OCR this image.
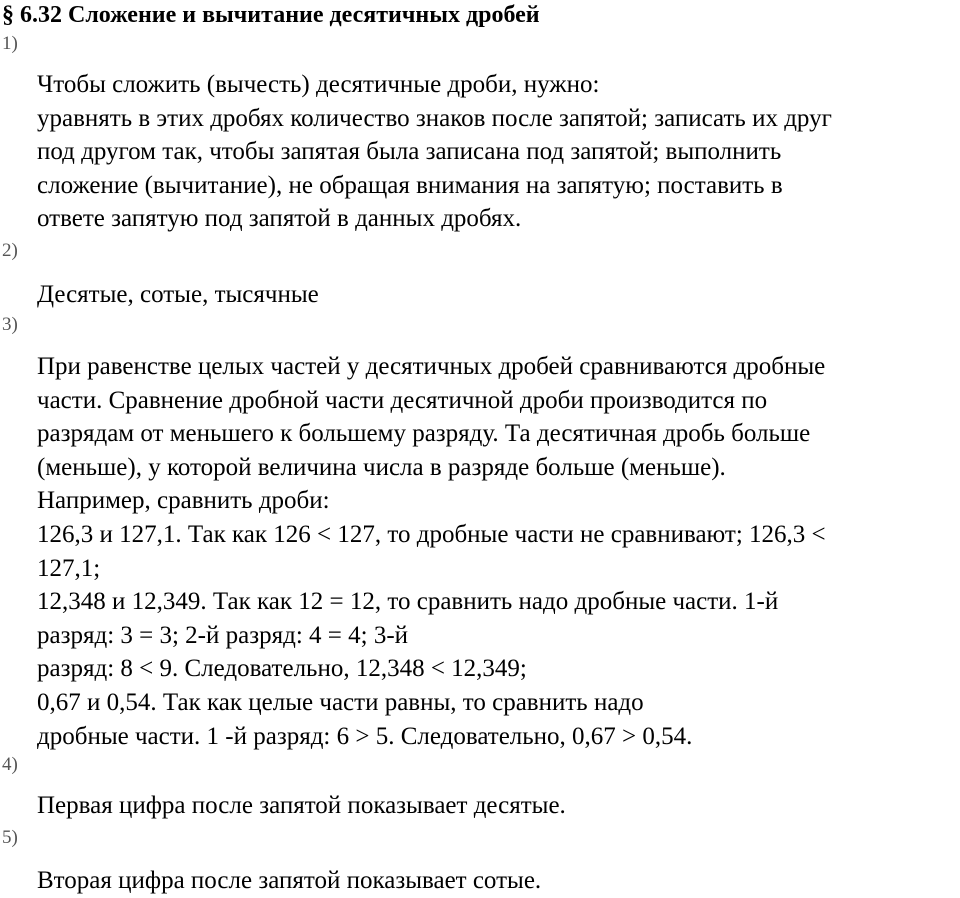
§ 6.32 Сложение и вычитание десятичных дробей
1)
Чтобы сложить (вычесть) десятичные дроби, нужно:
уравнять в этих дробях количество знаков после запятой; записать их друг
под другом так, чтобы запятая была записана под запятой; выполнить
сложение (вычитание), не обращая внимания на запятую; поставить в
ответе запятую под запятой в данных дробях.
2)
Десятые, сотые, тысячные
3)
При равенстве целых частей у десятичных дробей сравниваются дробные
части. Сравнение дробной части десятичной дроби производится по
разрядам от меньшего к большему разряду. Та десятичная дробь больше
(меньше), у которой величина числа в разряде больше (меньше).
Например, сравнить дроби:
126,3 и 127,1. Так как 126 < 127, то дробные части не сравнивают; 126,3 <
127,1;
12,348 и 12,349. Так как 12 = 12, то сравнить надо дробные части. 1-й
разряд: 3 = 3; 2-й разряд: 4 = 4; 3-й
разряд: 8 < 9. Следовательно, 12,348 < 12,349;
0,67 и 0,54. Так как целые части равны, то сравнить надо
дробные части. 1 -й разряд: 6 > 5. Следовательно, 0,67 > 0,54.
4)
Первая цифра после запятой показывает десятые.
5)
Вторая цифра после запятой показывает сотые.
